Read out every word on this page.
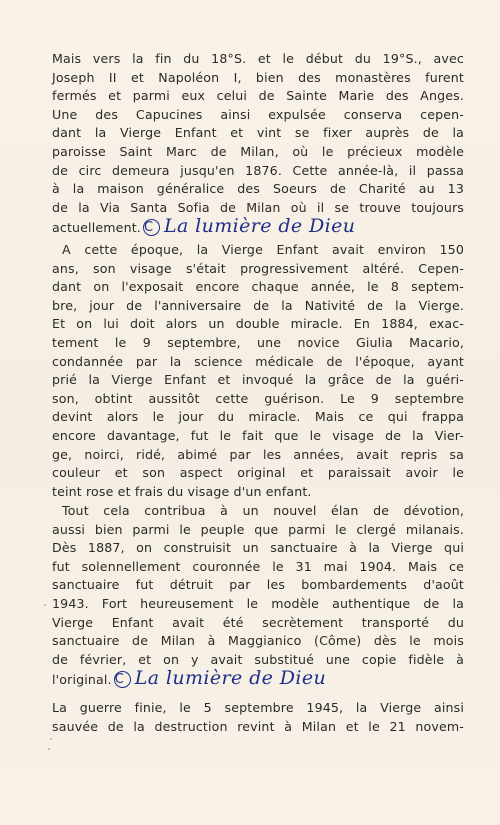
Mais vers la fin du 18°S. et le début du 19°S., avec
Joseph II et Napoléon I, bien des monastères furent
fermés et parmi eux celui de Sainte Marie des Anges.
Une des Capucines ainsi expulsée conserva cepen-
dant la Vierge Enfant et vint se fixer auprès de la
paroisse Saint Marc de Milan, où le précieux modèle
de circ demeura jusqu'en 1876. Cette année-là, il passa
à la maison généralice des Soeurs de Charité au 13
de la Via Santa Sofia de Milan où il se trouve toujours
actuellement. C La lumière de Dieu
A cette époque, la Vierge Enfant avait environ 150
ans, son visage s'était progressivement altéré. Cepen-
dant on l'exposait encore chaque année, le 8 septem-
bre, jour de l'anniversaire de la Nativité de la Vierge.
Et on lui doit alors un double miracle. En 1884, exac-
tement le 9 septembre, une novice Giulia Macario,
condannée par la science médicale de l'époque, ayant
prié la Vierge Enfant et invoqué la grâce de la guéri-
son, obtint aussitôt cette guérison. Le 9 septembre
devint alors le jour du miracle. Mais ce qui frappa
encore davantage, fut le fait que le visage de la Vier-
ge, noirci, ridé, abimé par les années, avait repris sa
couleur et son aspect original et paraissait avoir le
teint rose et frais du visage d'un enfant.
Tout cela contribua à un nouvel élan de dévotion,
aussi bien parmi le peuple que parmi le clergé milanais.
Dès 1887, on construisit un sanctuaire à la Vierge qui
fut solennellement couronnée le 31 mai 1904. Mais ce
sanctuaire fut détruit par les bombardements d'août
1943. Fort heureusement le modèle authentique de la
Vierge Enfant avait été secrètement transporté du
sanctuaire de Milan à Maggianico (Côme) dès le mois
de février, et on y avait substitué une copie fidèle à
l'original. C La lumière de Dieu
La guerre finie, le 5 septembre 1945, la Vierge ainsi
sauvée de la destruction revint à Milan et le 21 novem-
